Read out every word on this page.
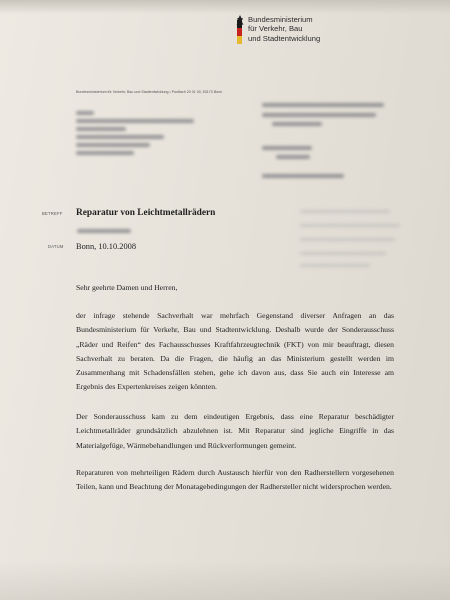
Bundesministerium
für Verkehr, Bau
und Stadtentwicklung
Bundesministerium für Verkehr, Bau und Stadtentwicklung • Postfach 20 01 00, 53170 Bonn
BETREFF Reparatur von Leichtmetallrädern
DATUM Bonn, 10.10.2008

Sehr geehrte Damen und Herren,

der infrage stehende Sachverhalt war mehrfach Gegenstand diverser Anfragen an das Bundesministerium für Verkehr, Bau und Stadtentwicklung. Deshalb wurde der Sonderausschuss „Räder und Reifen“ des Fachausschusses Kraftfahrzeugtechnik (FKT) von mir beauftragt, diesen Sachverhalt zu beraten. Da die Fragen, die häufig an das Ministerium gestellt werden im Zusammenhang mit Schadensfällen stehen, gehe ich davon aus, dass Sie auch ein Interesse am Ergebnis des Expertenkreises zeigen könnten.

Der Sonderausschuss kam zu dem eindeutigen Ergebnis, dass eine Reparatur beschädigter Leichtmetallräder grundsätzlich abzulehnen ist. Mit Reparatur sind jegliche Eingriffe in das Materialgefüge, Wärmebehandlungen und Rückverformungen gemeint.

Reparaturen von mehrteiligen Rädern durch Austausch hierfür von den Radherstellern vorgesehenen Teilen, kann und Beachtung der Monatagebedingungen der Radhersteller nicht widersprochen werden.
